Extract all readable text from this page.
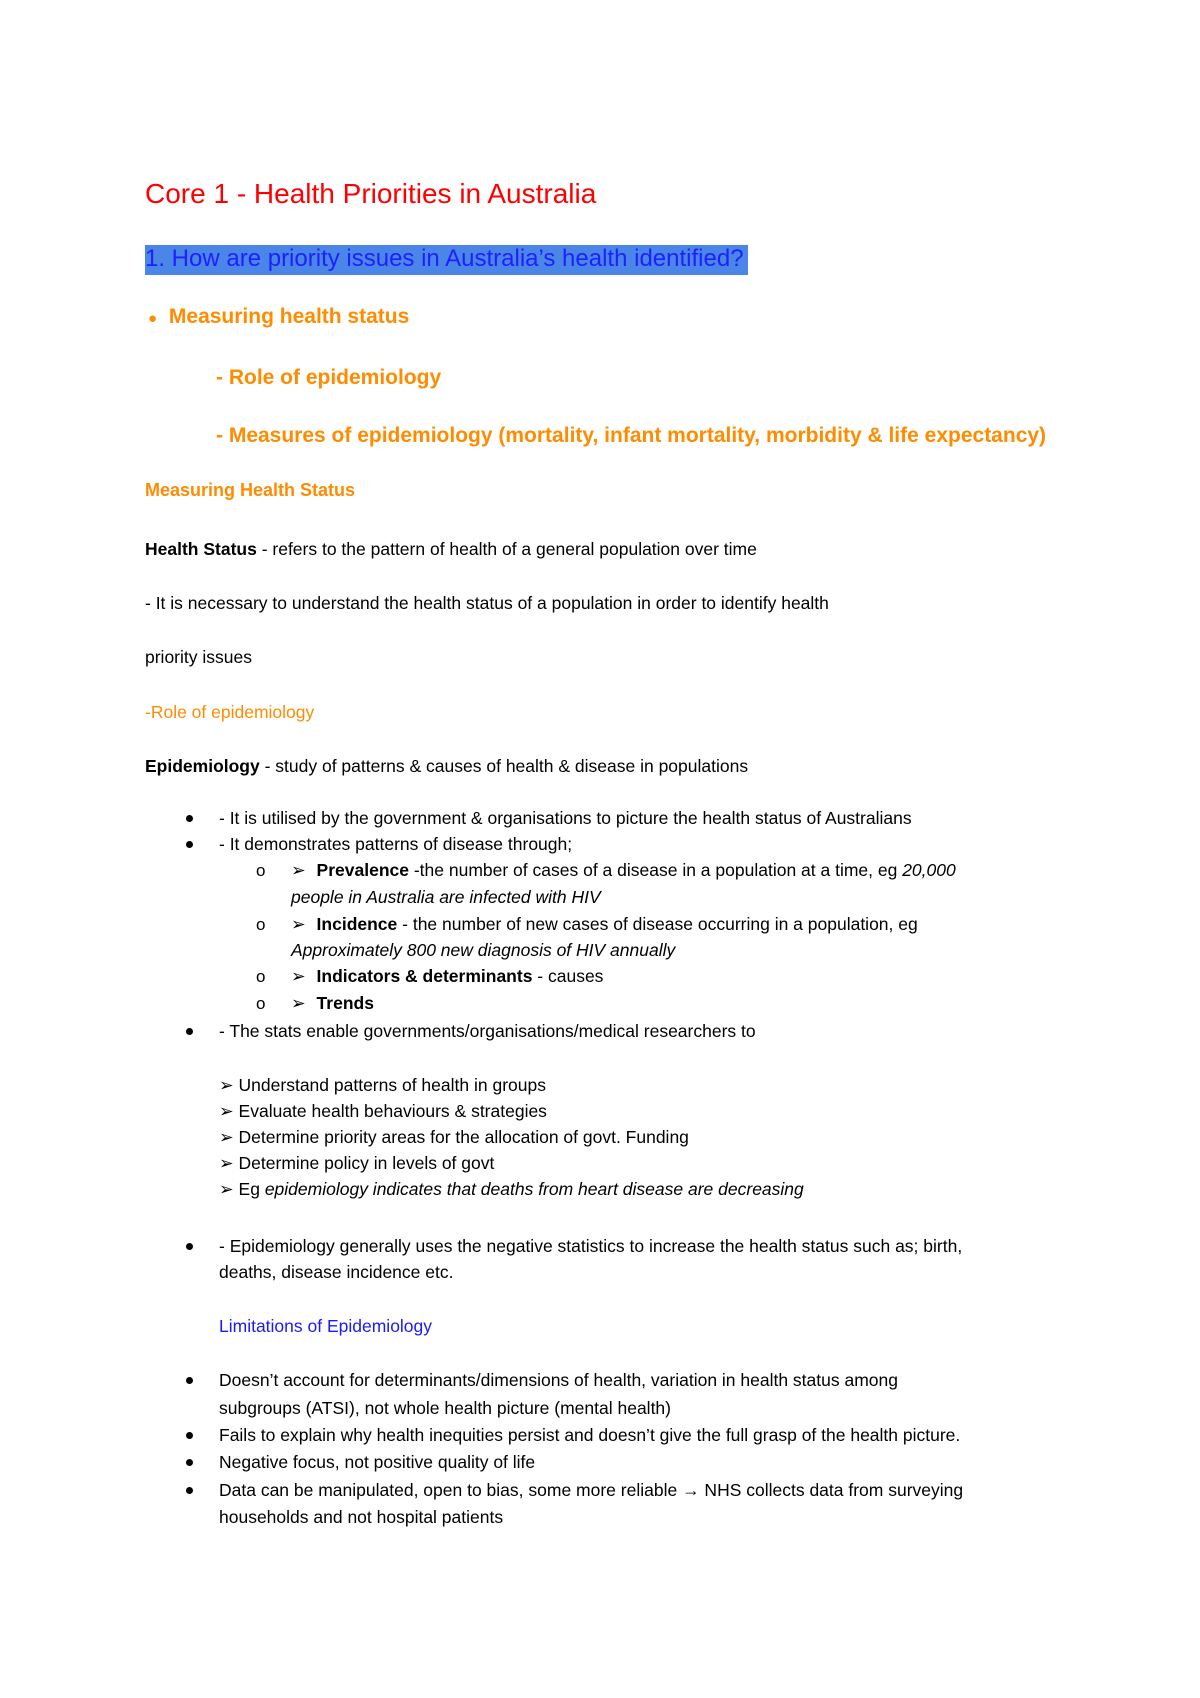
Core 1 - Health Priorities in Australia
1. How are priority issues in Australia’s health identified?
● Measuring health status
- Role of epidemiology
- Measures of epidemiology (mortality, infant mortality, morbidity & life expectancy)
Measuring Health Status
Health Status - refers to the pattern of health of a general population over time
- It is necessary to understand the health status of a population in order to identify health
priority issues
-Role of epidemiology
Epidemiology - study of patterns & causes of health & disease in populations
- It is utilised by the government & organisations to picture the health status of Australians
- It demonstrates patterns of disease through;
o ➢ Prevalence -the number of cases of a disease in a population at a time, eg 20,000
people in Australia are infected with HIV
o ➢ Incidence - the number of new cases of disease occurring in a population, eg
Approximately 800 new diagnosis of HIV annually
o ➢ Indicators & determinants - causes
o ➢ Trends
- The stats enable governments/organisations/medical researchers to
➢ Understand patterns of health in groups
➢ Evaluate health behaviours & strategies
➢ Determine priority areas for the allocation of govt. Funding
➢ Determine policy in levels of govt
➢ Eg epidemiology indicates that deaths from heart disease are decreasing
- Epidemiology generally uses the negative statistics to increase the health status such as; birth,
deaths, disease incidence etc.
Limitations of Epidemiology
Doesn’t account for determinants/dimensions of health, variation in health status among
subgroups (ATSI), not whole health picture (mental health)
Fails to explain why health inequities persist and doesn’t give the full grasp of the health picture.
Negative focus, not positive quality of life
Data can be manipulated, open to bias, some more reliable → NHS collects data from surveying
households and not hospital patients
